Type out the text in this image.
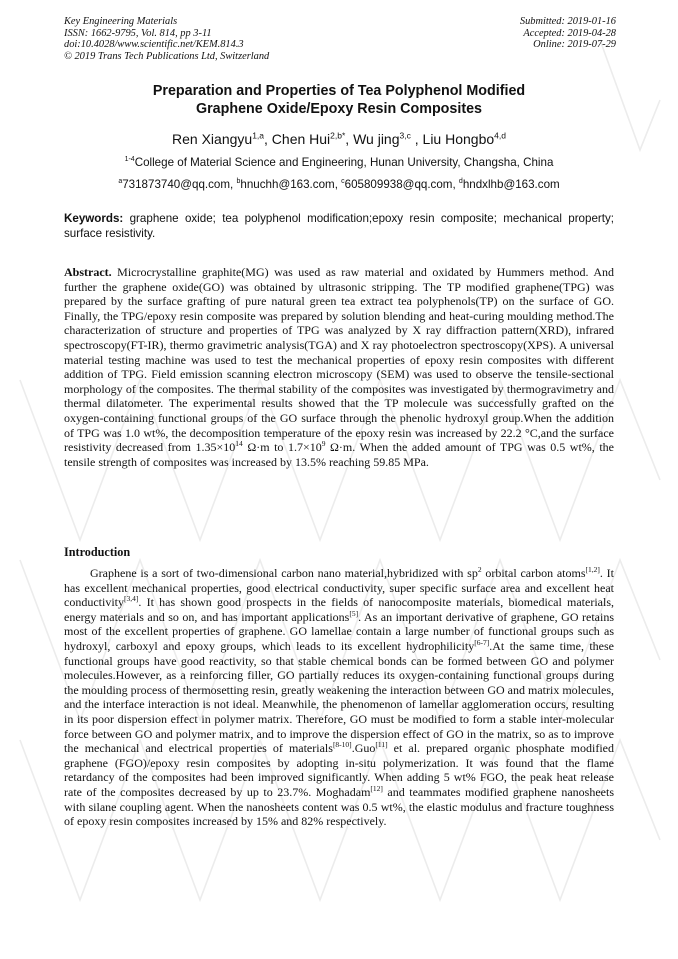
Key Engineering Materials
ISSN: 1662-9795, Vol. 814, pp 3-11
doi:10.4028/www.scientific.net/KEM.814.3
© 2019 Trans Tech Publications Ltd, Switzerland
Submitted: 2019-01-16
Accepted: 2019-04-28
Online: 2019-07-29
Preparation and Properties of Tea Polyphenol Modified
Graphene Oxide/Epoxy Resin Composites
Ren Xiangyu$^{1,a}$, Chen Hui$^{2,b*}$, Wu jing$^{3,c}$ , Liu Hongbo$^{4,d}$
$^{1-4}$College of Material Science and Engineering, Hunan University, Changsha, China
$^a$731873740@qq.com, $^b$hnuchh@163.com, $^c$605809938@qq.com, $^d$hndxlhb@163.com
Keywords: graphene oxide; tea polyphenol modification;epoxy resin composite; mechanical property; surface resistivity.
Abstract. Microcrystalline graphite(MG) was used as raw material and oxidated by Hummers method. And further the graphene oxide(GO) was obtained by ultrasonic stripping. The TP modified graphene(TPG) was prepared by the surface grafting of pure natural green tea extract tea polyphenols(TP) on the surface of GO. Finally, the TPG/epoxy resin composite was prepared by solution blending and heat-curing moulding method.The characterization of structure and properties of TPG was analyzed by X ray diffraction pattern(XRD), infrared spectroscopy(FT-IR), thermo gravimetric analysis(TGA) and X ray photoelectron spectroscopy(XPS). A universal material testing machine was used to test the mechanical properties of epoxy resin composites with different addition of TPG. Field emission scanning electron microscopy (SEM) was used to observe the tensile-sectional morphology of the composites. The thermal stability of the composites was investigated by thermogravimetry and thermal dilatometer. The experimental results showed that the TP molecule was successfully grafted on the oxygen-containing functional groups of the GO surface through the phenolic hydroxyl group.When the addition of TPG was 1.0 wt%, the decomposition temperature of the epoxy resin was increased by 22.2 °C,and the surface resistivity decreased from $1.35\times 10^{14}$ Ω·m to $1.7\times 10^9$ Ω·m. When the added amount of TPG was 0.5 wt%, the tensile strength of composites was increased by 13.5% reaching 59.85 MPa.
Introduction
Graphene is a sort of two-dimensional carbon nano material,hybridized with $sp^2$ orbital carbon atoms[1,2]. It has excellent mechanical properties, good electrical conductivity, super specific surface area and excellent heat conductivity[3,4]. It has shown good prospects in the fields of nanocomposite materials, biomedical materials, energy materials and so on, and has important applications[5]. As an important derivative of graphene, GO retains most of the excellent properties of graphene. GO lamellae contain a large number of functional groups such as hydroxyl, carboxyl and epoxy groups, which leads to its excellent hydrophilicity[6-7].At the same time, these functional groups have good reactivity, so that stable chemical bonds can be formed between GO and polymer molecules.However, as a reinforcing filler, GO partially reduces its oxygen-containing functional groups during the moulding process of thermosetting resin, greatly weakening the interaction between GO and matrix molecules, and the interface interaction is not ideal. Meanwhile, the phenomenon of lamellar agglomeration occurs, resulting in its poor dispersion effect in polymer matrix. Therefore, GO must be modified to form a stable inter-molecular force between GO and polymer matrix, and to improve the dispersion effect of GO in the matrix, so as to improve the mechanical and electrical properties of materials[8-10].Guo[11] et al. prepared organic phosphate modified graphene (FGO)/epoxy resin composites by adopting in-situ polymerization. It was found that the flame retardancy of the composites had been improved significantly. When adding 5 wt% FGO, the peak heat release rate of the composites decreased by up to 23.7%. Moghadam[12] and teammates modified graphene nanosheets with silane coupling agent. When the nanosheets content was 0.5 wt%, the elastic modulus and fracture toughness of epoxy resin composites increased by 15% and 82% respectively.
